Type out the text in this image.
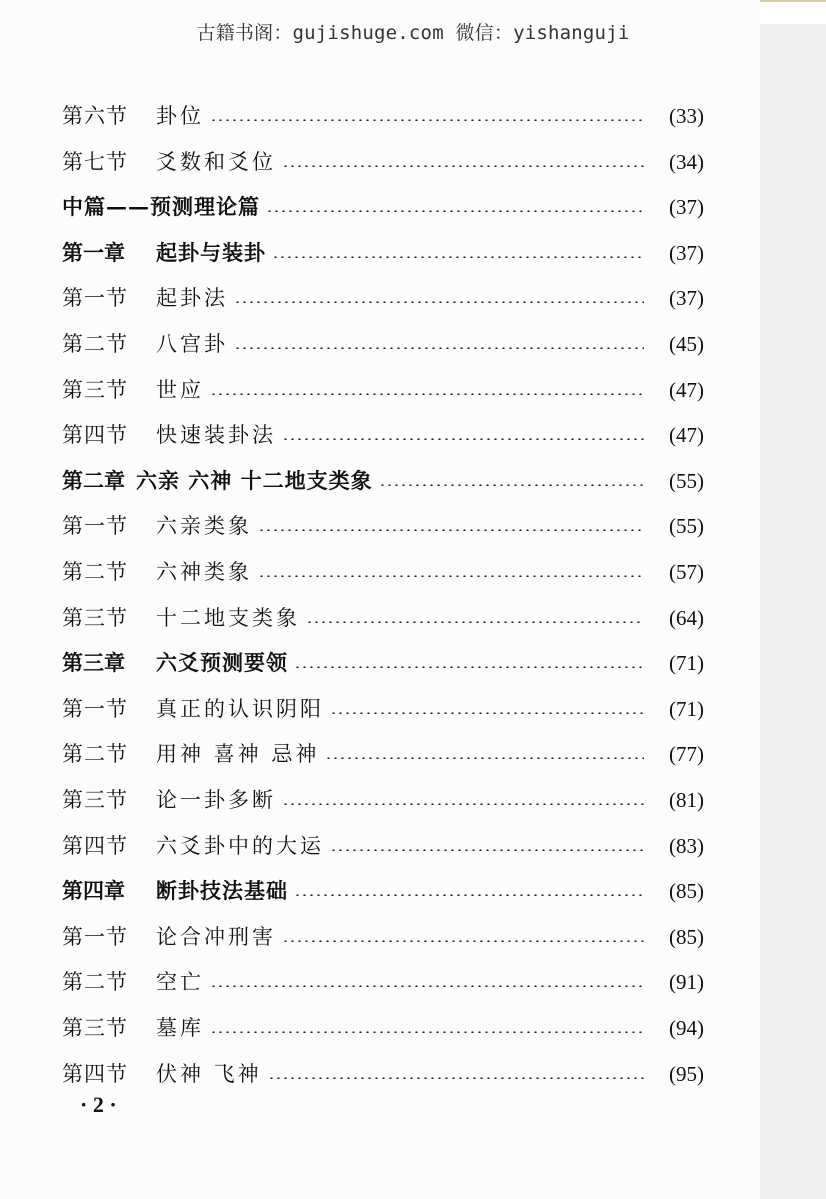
古籍书阁：gujishuge.com 微信：yishanguji
第六节	卦位	(33)
第七节	爻数和爻位	(34)
中篇——预测理论篇	(37)
第一章	起卦与装卦	(37)
第一节	起卦法	(37)
第二节	八宫卦	(45)
第三节	世应	(47)
第四节	快速装卦法	(47)
第二章 六亲 六神 十二地支类象	(55)
第一节	六亲类象	(55)
第二节	六神类象	(57)
第三节	十二地支类象	(64)
第三章	六爻预测要领	(71)
第一节	真正的认识阴阳	(71)
第二节	用神 喜神 忌神	(77)
第三节	论一卦多断	(81)
第四节	六爻卦中的大运	(83)
第四章	断卦技法基础	(85)
第一节	论合冲刑害	(85)
第二节	空亡	(91)
第三节	墓库	(94)
第四节	伏神 飞神	(95)
· 2 ·
